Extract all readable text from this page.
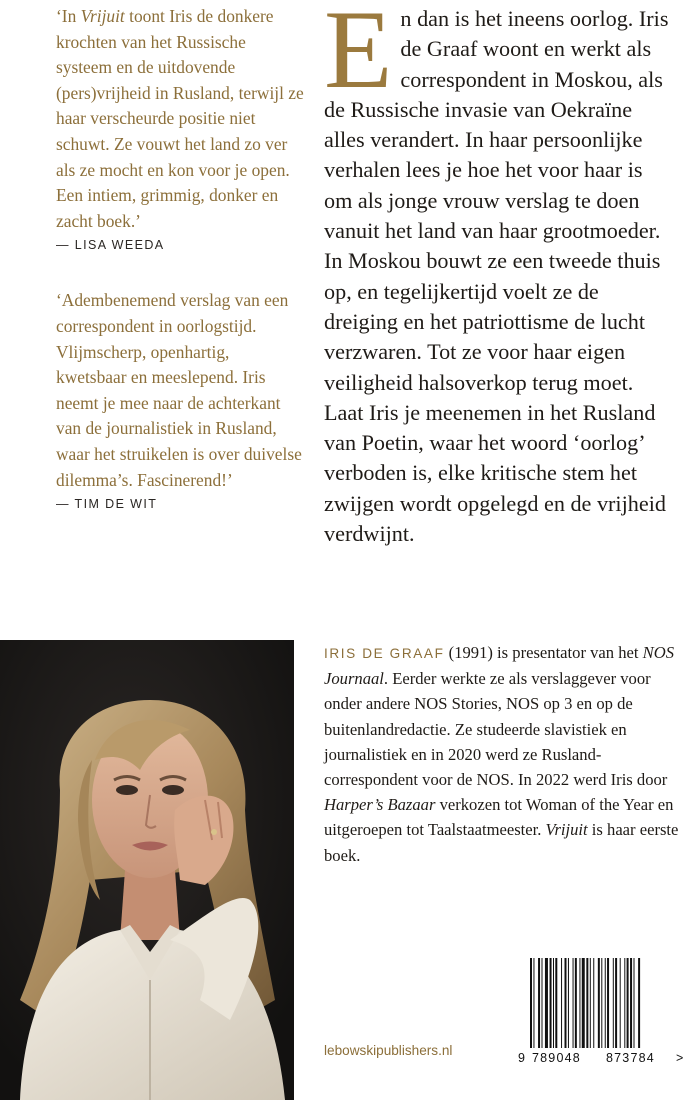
‘In Vrijuit toont Iris de donkere krochten van het Russische systeem en de uitdovende (pers)vrijheid in Rusland, terwijl ze haar verscheurde positie niet schuwt. Ze vouwt het land zo ver als ze mocht en kon voor je open. Een intiem, grimmig, donker en zacht boek.’

— LISA WEEDA

‘Adembenemend verslag van een correspondent in oorlogstijd. Vlijmscherp, openhartig, kwetsbaar en meeslepend. Iris neemt je mee naar de achterkant van de journalistiek in Rusland, waar het struikelen is over duivelse dilemma’s. Fascinerend!’

— TIM DE WIT

En dan is het ineens oorlog. Iris de Graaf woont en werkt als correspondent in Moskou, als de Russische invasie van Oekraïne alles verandert. In haar persoonlijke verhalen lees je hoe het voor haar is om als jonge vrouw verslag te doen vanuit het land van haar grootmoeder. In Moskou bouwt ze een tweede thuis op, en tegelijkertijd voelt ze de dreiging en het patriottisme de lucht verzwaren. Tot ze voor haar eigen veiligheid halsoverkop terug moet. Laat Iris je meenemen in het Rusland van Poetin, waar het woord ‘oorlog’ verboden is, elke kritische stem het zwijgen wordt opgelegd en de vrijheid verdwijnt.

IRIS DE GRAAF (1991) is presentator van het NOS Journaal. Eerder werkte ze als verslaggever voor onder andere NOS Stories, NOS op 3 en op de buitenlandredactie. Ze studeerde slavistiek en journalistiek en in 2020 werd ze Rusland-correspondent voor de NOS. In 2022 werd Iris door Harper’s Bazaar verkozen tot Woman of the Year en uitgeroepen tot Taalstaatmeester. Vrijuit is haar eerste boek.

lebowskipublishers.nl	9 789048 873784 >
